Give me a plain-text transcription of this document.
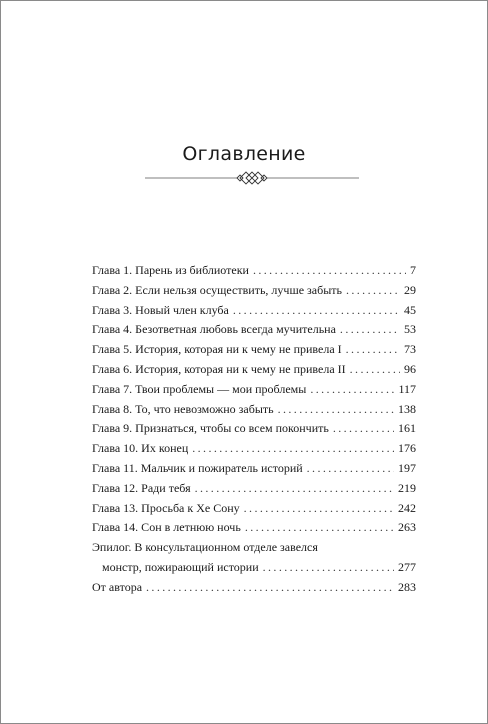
Оглавление
Глава 1. Парень из библиотеки . . .	7
Глава 2. Если нельзя осуществить, лучше забыть . . .	29
Глава 3. Новый член клуба . . .	45
Глава 4. Безответная любовь всегда мучительна . . .	53
Глава 5. История, которая ни к чему не привела I . . .	73
Глава 6. История, которая ни к чему не привела II . . .	96
Глава 7. Твои проблемы — мои проблемы . . .	117
Глава 8. То, что невозможно забыть . . .	138
Глава 9. Признаться, чтобы со всем покончить . . .	161
Глава 10. Их конец . . .	176
Глава 11. Мальчик и пожиратель историй . . .	197
Глава 12. Ради тебя . . .	219
Глава 13. Просьба к Хе Сону . . .	242
Глава 14. Сон в летнюю ночь . . .	263
Эпилог. В консультационном отделе завелся
монстр, пожирающий истории . . .	277
От автора . . .	283
